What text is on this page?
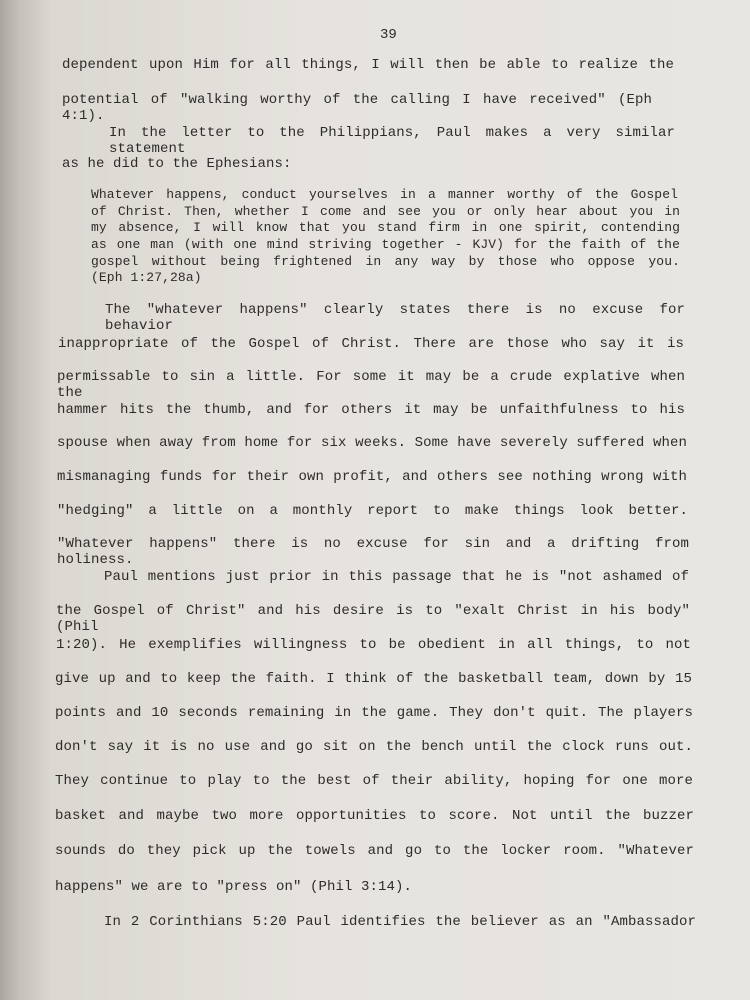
39
dependent upon Him for all things, I will then be able to realize the
potential of "walking worthy of the calling I have received" (Eph 4:1).
In the letter to the Philippians, Paul makes a very similar statement
as he did to the Ephesians:
Whatever happens, conduct yourselves in a manner worthy of the Gospel
of Christ. Then, whether I come and see you or only hear about you in
my absence, I will know that you stand firm in one spirit, contending
as one man (with one mind striving together - KJV) for the faith of the
gospel without being frightened in any way by those who oppose you.
(Eph 1:27,28a)
The "whatever happens" clearly states there is no excuse for behavior
inappropriate of the Gospel of Christ. There are those who say it is
permissable to sin a little. For some it may be a crude explative when the
hammer hits the thumb, and for others it may be unfaithfulness to his
spouse when away from home for six weeks. Some have severely suffered when
mismanaging funds for their own profit, and others see nothing wrong with
"hedging" a little on a monthly report to make things look better.
"Whatever happens" there is no excuse for sin and a drifting from holiness.
Paul mentions just prior in this passage that he is "not ashamed of
the Gospel of Christ" and his desire is to "exalt Christ in his body" (Phil
1:20). He exemplifies willingness to be obedient in all things, to not
give up and to keep the faith. I think of the basketball team, down by 15
points and 10 seconds remaining in the game. They don't quit. The players
don't say it is no use and go sit on the bench until the clock runs out.
They continue to play to the best of their ability, hoping for one more
basket and maybe two more opportunities to score. Not until the buzzer
sounds do they pick up the towels and go to the locker room. "Whatever
happens" we are to "press on" (Phil 3:14).
In 2 Corinthians 5:20 Paul identifies the believer as an "Ambassador
